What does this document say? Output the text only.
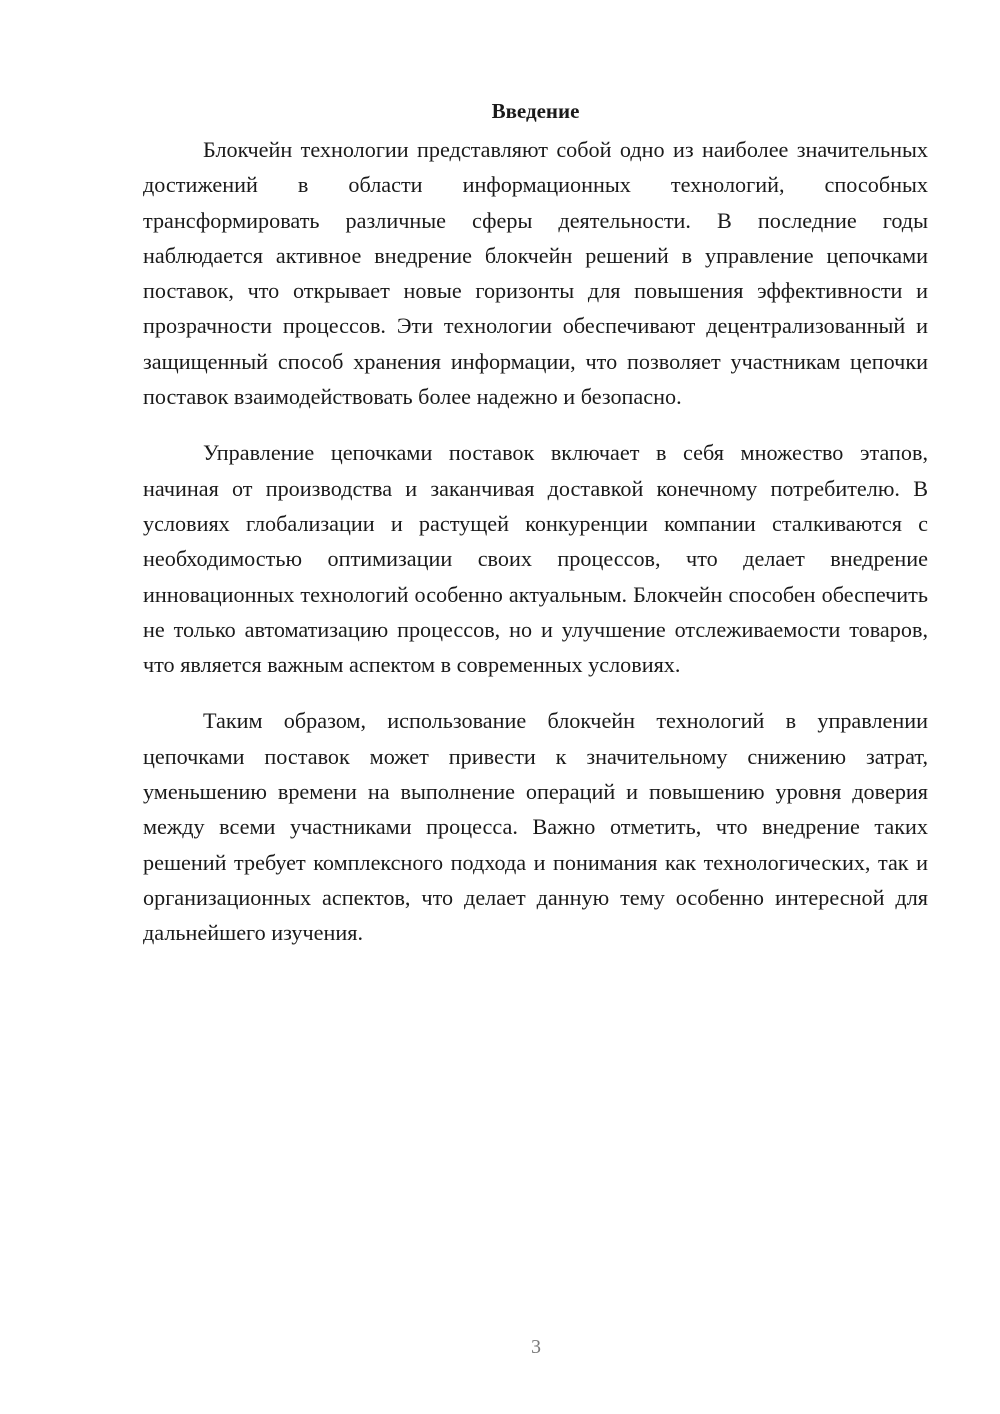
Введение

Блокчейн технологии представляют собой одно из наиболее значительных достижений в области информационных технологий, способных трансформировать различные сферы деятельности. В последние годы наблюдается активное внедрение блокчейн решений в управление цепочками поставок, что открывает новые горизонты для повышения эффективности и прозрачности процессов. Эти технологии обеспечивают децентрализованный и защищенный способ хранения информации, что позволяет участникам цепочки поставок взаимодействовать более надежно и безопасно.

Управление цепочками поставок включает в себя множество этапов, начиная от производства и заканчивая доставкой конечному потребителю. В условиях глобализации и растущей конкуренции компании сталкиваются с необходимостью оптимизации своих процессов, что делает внедрение инновационных технологий особенно актуальным. Блокчейн способен обеспечить не только автоматизацию процессов, но и улучшение отслеживаемости товаров, что является важным аспектом в современных условиях.

Таким образом, использование блокчейн технологий в управлении цепочками поставок может привести к значительному снижению затрат, уменьшению времени на выполнение операций и повышению уровня доверия между всеми участниками процесса. Важно отметить, что внедрение таких решений требует комплексного подхода и понимания как технологических, так и организационных аспектов, что делает данную тему особенно интересной для дальнейшего изучения.

3
